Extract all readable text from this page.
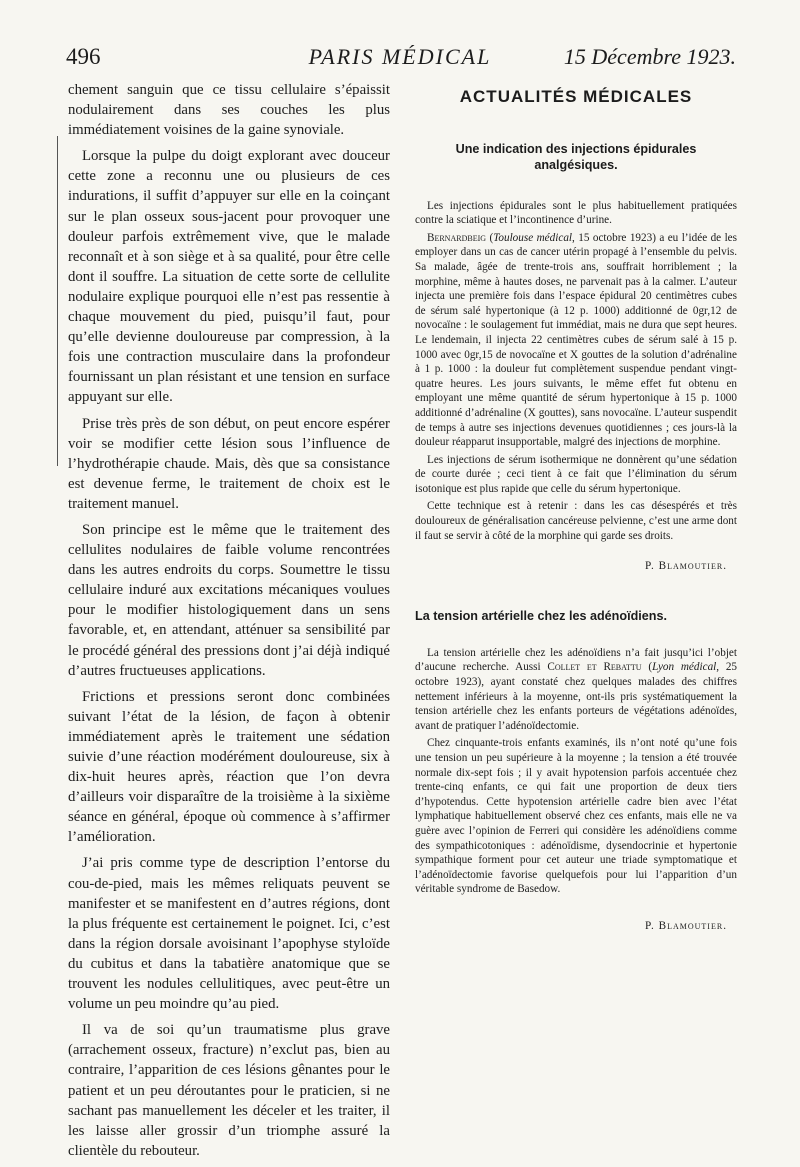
496	PARIS MÉDICAL	15 Décembre 1923.

chement sanguin que ce tissu cellulaire s’épaissit nodulairement dans ses couches les plus immédiatement voisines de la gaine synoviale.

Lorsque la pulpe du doigt explorant avec douceur cette zone a reconnu une ou plusieurs de ces indurations, il suffit d’appuyer sur elle en la coinçant sur le plan osseux sous-jacent pour provoquer une douleur parfois extrêmement vive, que le malade reconnaît et à son siège et à sa qualité, pour être celle dont il souffre. La situation de cette sorte de cellulite nodulaire explique pourquoi elle n’est pas ressentie à chaque mouvement du pied, puisqu’il faut, pour qu’elle devienne douloureuse par compression, à la fois une contraction musculaire dans la profondeur fournissant un plan résistant et une tension en surface appuyant sur elle.

Prise très près de son début, on peut encore espérer voir se modifier cette lésion sous l’influence de l’hydrothérapie chaude. Mais, dès que sa consistance est devenue ferme, le traitement de choix est le traitement manuel.

Son principe est le même que le traitement des cellulites nodulaires de faible volume rencontrées dans les autres endroits du corps. Soumettre le tissu cellulaire induré aux excitations mécaniques voulues pour le modifier histologiquement dans un sens favorable, et, en attendant, atténuer sa sensibilité par le procédé général des pressions dont j’ai déjà indiqué d’autres fructueuses applications.

Frictions et pressions seront donc combinées suivant l’état de la lésion, de façon à obtenir immédiatement après le traitement une sédation suivie d’une réaction modérément douloureuse, six à dix-huit heures après, réaction que l’on devra d’ailleurs voir disparaître de la troisième à la sixième séance en général, époque où commence à s’affirmer l’amélioration.

J’ai pris comme type de description l’entorse du cou-de-pied, mais les mêmes reliquats peuvent se manifester et se manifestent en d’autres régions, dont la plus fréquente est certainement le poignet. Ici, c’est dans la région dorsale avoisinant l’apophyse styloïde du cubitus et dans la tabatière anatomique que se trouvent les nodules cellulitiques, avec peut-être un volume un peu moindre qu’au pied.

Il va de soi qu’un traumatisme plus grave (arrachement osseux, fracture) n’exclut pas, bien au contraire, l’apparition de ces lésions gênantes pour le patient et un peu déroutantes pour le praticien, si ne sachant pas manuellement les déceler et les traiter, il les laisse aller grossir d’un triomphe assuré la clientèle du rebouteur.

ACTUALITÉS MÉDICALES
Une indication des injections épidurales analgésiques.

Les injections épidurales sont le plus habituellement pratiquées contre la sciatique et l’incontinence d’urine.

Bernardbeig (Toulouse médical, 15 octobre 1923) a eu l’idée de les employer dans un cas de cancer utérin propagé à l’ensemble du pelvis. Sa malade, âgée de trente-trois ans, souffrait horriblement ; la morphine, même à hautes doses, ne parvenait pas à la calmer. L’auteur injecta une première fois dans l’espace épidural 20 centimètres cubes de sérum salé hypertonique (à 12 p. 1000) additionné de 0gr,12 de novocaïne : le soulagement fut immédiat, mais ne dura que sept heures. Le lendemain, il injecta 22 centimètres cubes de sérum salé à 15 p. 1000 avec 0gr,15 de novocaïne et X gouttes de la solution d’adrénaline à 1 p. 1000 : la douleur fut complètement suspendue pendant vingt-quatre heures. Les jours suivants, le même effet fut obtenu en employant une même quantité de sérum hypertonique à 15 p. 1000 additionné d’adrénaline (X gouttes), sans novocaïne. L’auteur suspendit de temps à autre ses injections devenues quotidiennes ; ces jours-là la douleur réapparut insupportable, malgré des injections de morphine.

Les injections de sérum isothermique ne donnèrent qu’une sédation de courte durée ; ceci tient à ce fait que l’élimination du sérum isotonique est plus rapide que celle du sérum hypertonique.

Cette technique est à retenir : dans les cas désespérés et très douloureux de généralisation cancéreuse pelvienne, c’est une arme dont il faut se servir à côté de la morphine qui garde ses droits.

P. Blamoutier.

La tension artérielle chez les adénoïdiens.

La tension artérielle chez les adénoïdiens n’a fait jusqu’ici l’objet d’aucune recherche. Aussi Collet et Rebattu (Lyon médical, 25 octobre 1923), ayant constaté chez quelques malades des chiffres nettement inférieurs à la moyenne, ont-ils pris systématiquement la tension artérielle chez les enfants porteurs de végétations adénoïdes, avant de pratiquer l’adénoïdectomie.

Chez cinquante-trois enfants examinés, ils n’ont noté qu’une fois une tension un peu supérieure à la moyenne ; la tension a été trouvée normale dix-sept fois ; il y avait hypotension parfois accentuée chez trente-cinq enfants, ce qui fait une proportion de deux tiers d’hypotendus. Cette hypotension artérielle cadre bien avec l’état lymphatique habituellement observé chez ces enfants, mais elle ne va guère avec l’opinion de Ferreri qui considère les adénoïdiens comme des sympathicotoniques : adénoïdisme, dysendocrinie et hypertonie sympathique forment pour cet auteur une triade symptomatique et l’adénoïdectomie favorise quelquefois pour lui l’apparition d’un véritable syndrome de Basedow.

P. Blamoutier.
